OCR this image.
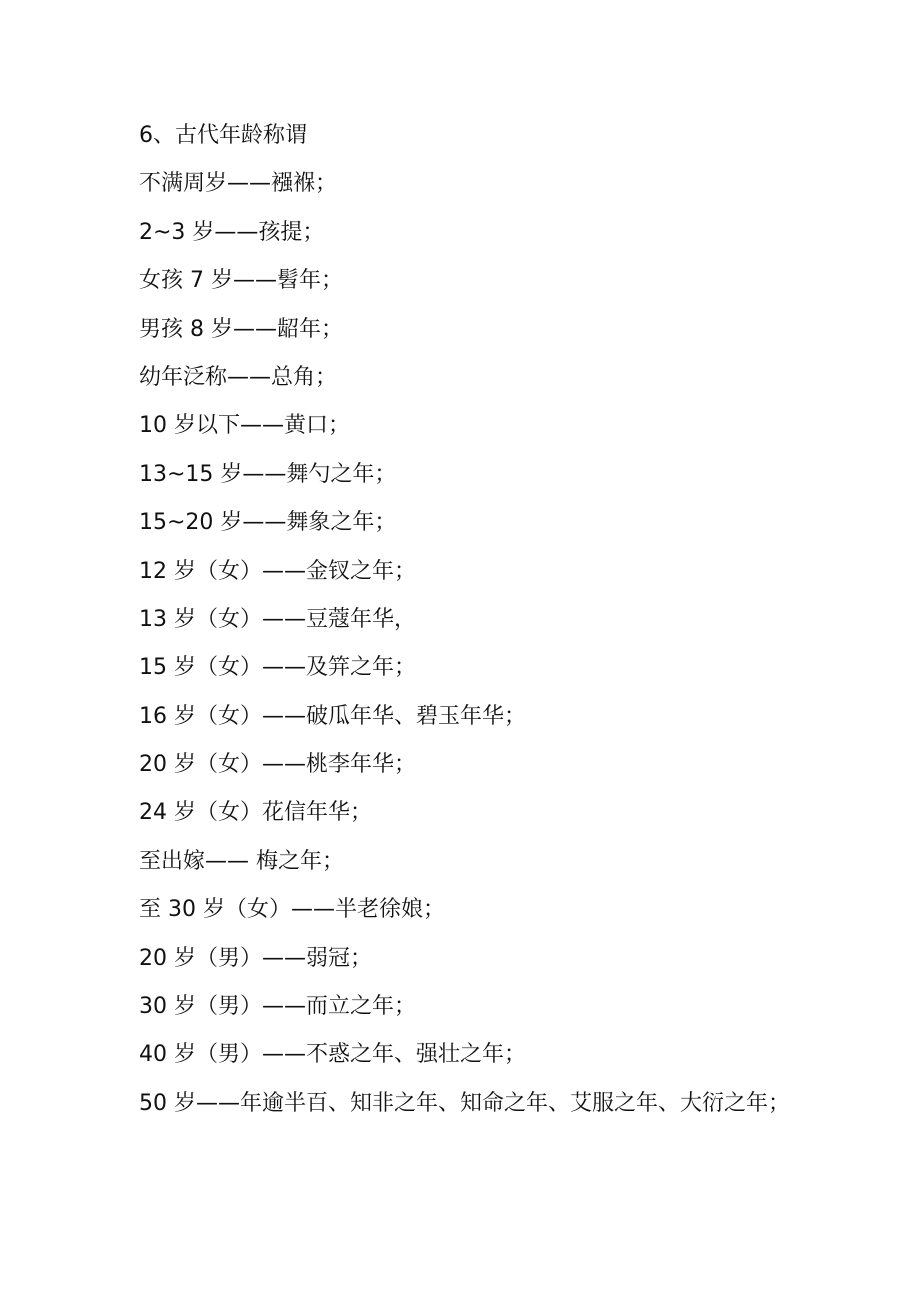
6、古代年龄称谓
不满周岁——襁褓；
2~3 岁——孩提；
女孩 7 岁——髫年；
男孩 8 岁——龆年；
幼年泛称——总角；
10 岁以下——黄口；
13~15 岁——舞勺之年；
15~20 岁——舞象之年；
12 岁（女）——金钗之年；
13 岁（女）——豆蔻年华，
15 岁（女）——及笄之年；
16 岁（女）——破瓜年华、碧玉年华；
20 岁（女）——桃李年华；
24 岁（女）花信年华；
至出嫁—— 梅之年；
至 30 岁（女）——半老徐娘；
20 岁（男）——弱冠；
30 岁（男）——而立之年；
40 岁（男）——不惑之年、强壮之年；
50 岁——年逾半百、知非之年、知命之年、艾服之年、大衍之年；
